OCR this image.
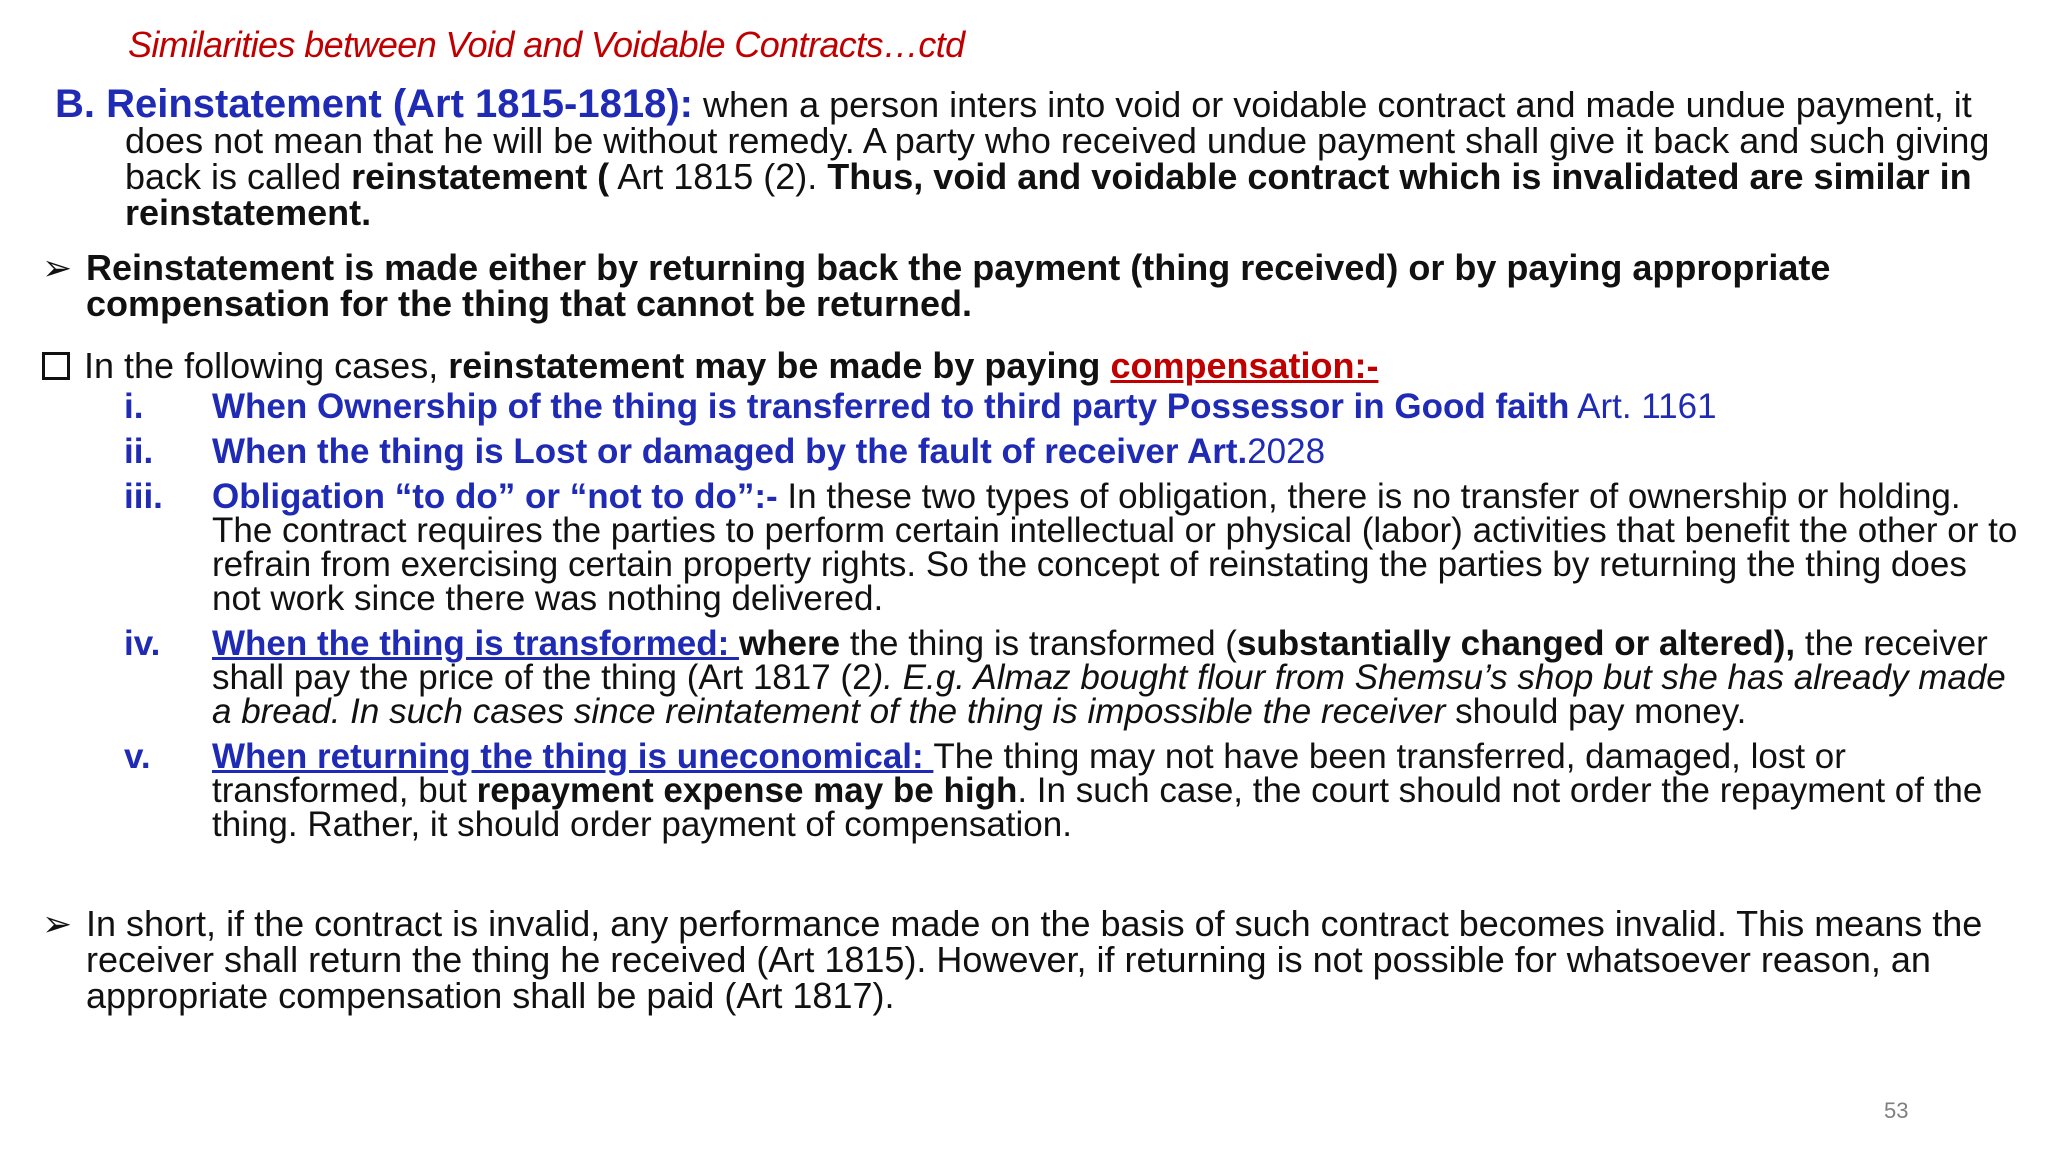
Similarities between Void and Voidable Contracts…ctd
B. Reinstatement (Art 1815-1818): when a person inters into void or voidable contract and made undue payment, it does not mean that he will be without remedy. A party who received undue payment shall give it back and such giving back is called reinstatement ( Art 1815 (2). Thus, void and voidable contract which is invalidated are similar in reinstatement.
➢ Reinstatement is made either by returning back the payment (thing received) or by paying appropriate compensation for the thing that cannot be returned.
In the following cases, reinstatement may be made by paying compensation:-
i. When Ownership of the thing is transferred to third party Possessor in Good faith Art. 1161
ii. When the thing is Lost or damaged by the fault of receiver Art.2028
iii. Obligation “to do” or “not to do”:- In these two types of obligation, there is no transfer of ownership or holding. The contract requires the parties to perform certain intellectual or physical (labor) activities that benefit the other or to refrain from exercising certain property rights. So the concept of reinstating the parties by returning the thing does not work since there was nothing delivered.
iv. When the thing is transformed: where the thing is transformed (substantially changed or altered), the receiver shall pay the price of the thing (Art 1817 (2). E.g. Almaz bought flour from Shemsu’s shop but she has already made a bread. In such cases since reintatement of the thing is impossible the receiver should pay money.
v. When returning the thing is uneconomical: The thing may not have been transferred, damaged, lost or transformed, but repayment expense may be high. In such case, the court should not order the repayment of the thing. Rather, it should order payment of compensation.
➢ In short, if the contract is invalid, any performance made on the basis of such contract becomes invalid. This means the receiver shall return the thing he received (Art 1815). However, if returning is not possible for whatsoever reason, an appropriate compensation shall be paid (Art 1817).
53
